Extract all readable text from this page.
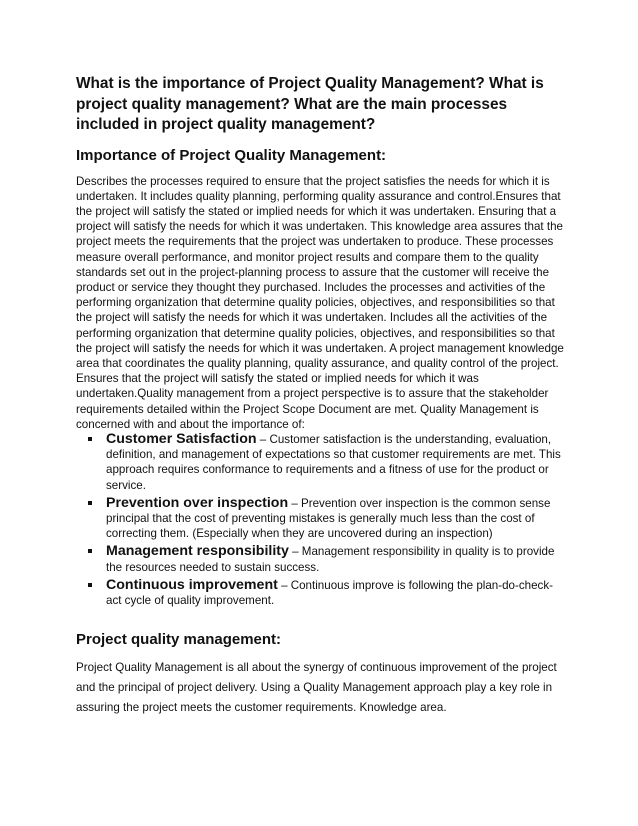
What is the importance of Project Quality Management? What is project quality management? What are the main processes included in project quality management?
Importance of Project Quality Management:

Describes the processes required to ensure that the project satisfies the needs for which it is undertaken. It includes quality planning, performing quality assurance and control.Ensures that the project will satisfy the stated or implied needs for which it was undertaken. Ensuring that a project will satisfy the needs for which it was undertaken. This knowledge area assures that the project meets the requirements that the project was undertaken to produce. These processes measure overall performance, and monitor project results and compare them to the quality standards set out in the project-planning process to assure that the customer will receive the product or service they thought they purchased. Includes the processes and activities of the performing organization that determine quality policies, objectives, and responsibilities so that the project will satisfy the needs for which it was undertaken. Includes all the activities of the performing organization that determine quality policies, objectives, and responsibilities so that the project will satisfy the needs for which it was undertaken. A project management knowledge area that coordinates the quality planning, quality assurance, and quality control of the project. Ensures that the project will satisfy the stated or implied needs for which it was undertaken.Quality management from a project perspective is to assure that the stakeholder requirements detailed within the Project Scope Document are met. Quality Management is concerned with and about the importance of:

Customer Satisfaction – Customer satisfaction is the understanding, evaluation, definition, and management of expectations so that customer requirements are met. This approach requires conformance to requirements and a fitness of use for the product or service.
Prevention over inspection – Prevention over inspection is the common sense principal that the cost of preventing mistakes is generally much less than the cost of correcting them. (Especially when they are uncovered during an inspection)
Management responsibility – Management responsibility in quality is to provide the resources needed to sustain success.
Continuous improvement – Continuous improve is following the plan-do-check-act cycle of quality improvement.
Project quality management:

Project Quality Management is all about the synergy of continuous improvement of the project and the principal of project delivery. Using a Quality Management approach play a key role in assuring the project meets the customer requirements. Knowledge area.
